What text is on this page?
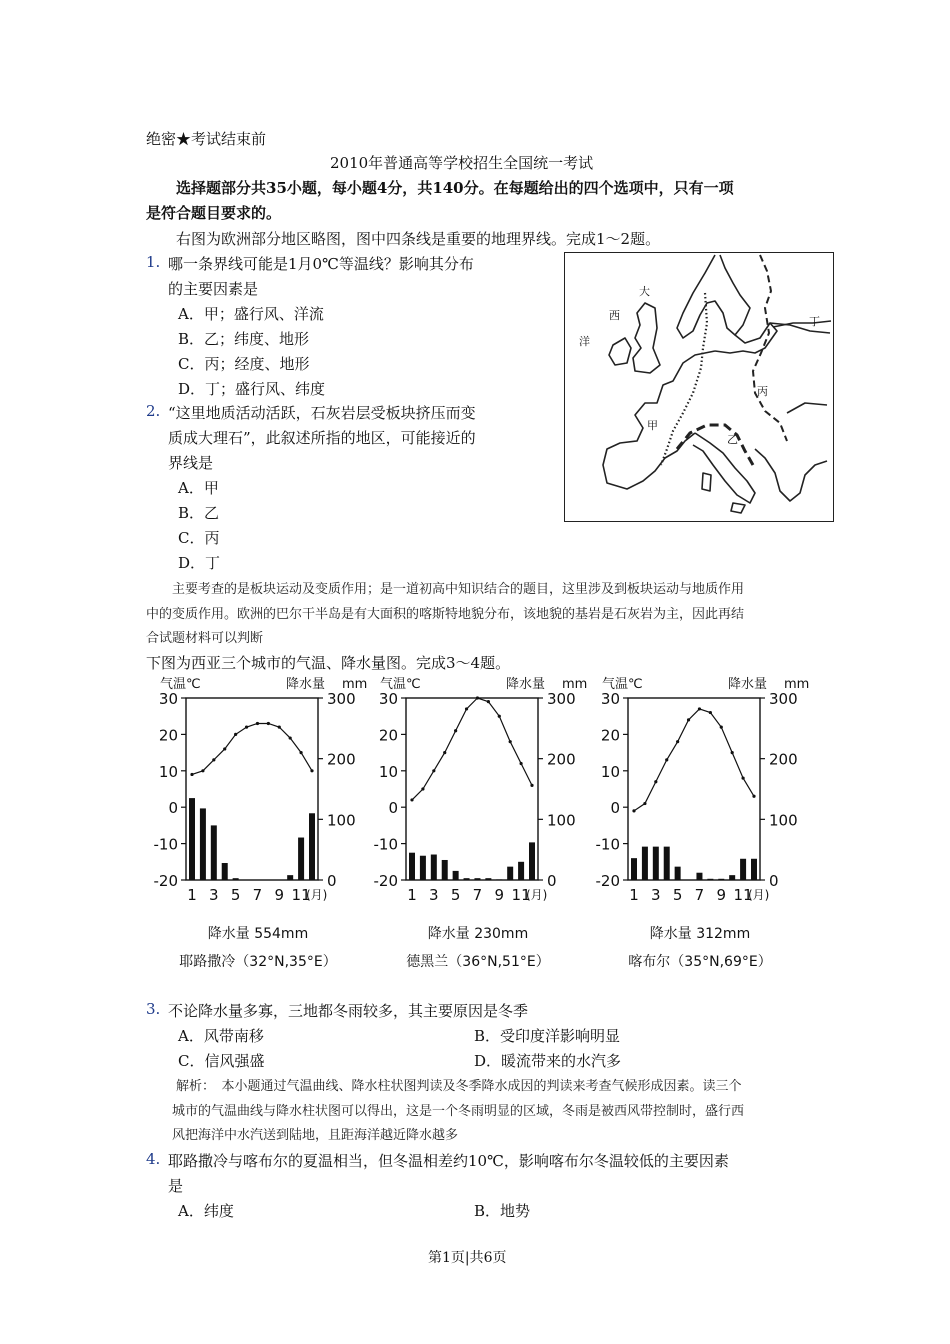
绝密★考试结束前
2010年普通高等学校招生全国统一考试
选择题部分共35小题，每小题4分，共140分。在每题给出的四个选项中，只有一项
是符合题目要求的。
右图为欧洲部分地区略图，图中四条线是重要的地理界线。完成1～2题。
1. 哪一条界线可能是1月0℃等温线？影响其分布
的主要因素是
A．甲；盛行风、洋流
B．乙；纬度、地形
C．丙；经度、地形
D．丁；盛行风、纬度
2. “这里地质活动活跃，石灰岩层受板块挤压而变
质成大理石”，此叙述所指的地区，可能接近的
界线是
A．甲
B．乙
C．丙
D．丁
大
西
洋
甲
乙
丙
丁
主要考查的是板块运动及变质作用；是一道初高中知识结合的题目，这里涉及到板块运动与地质作用
中的变质作用。欧洲的巴尔干半岛是有大面积的喀斯特地貌分布，该地貌的基岩是石灰岩为主，因此再结
合试题材料可以判断
下图为西亚三个城市的气温、降水量图。完成3～4题。
气温℃	降水量 mm
30
20
10
0
-10
-20
300
200
100
0
1 3 5 7 9 11
(月)
降水量 554mm
耶路撒冷（32°N,35°E）
气温℃	降水量 mm
30
20
10
0
-10
-20
300
200
100
0
1 3 5 7 9 11
(月)
降水量 230mm
德黑兰（36°N,51°E）
气温℃	降水量 mm
30
20
10
0
-10
-20
300
200
100
0
1 3 5 7 9 11
(月)
降水量 312mm
喀布尔（35°N,69°E）
3. 不论降水量多寡，三地都冬雨较多，其主要原因是冬季
A．风带南移	B．受印度洋影响明显
C．信风强盛	D．暖流带来的水汽多
解析：　本小题通过气温曲线、降水柱状图判读及冬季降水成因的判读来考查气候形成因素。读三个
城市的气温曲线与降水柱状图可以得出，这是一个冬雨明显的区域，冬雨是被西风带控制时，盛行西
风把海洋中水汽送到陆地，且距海洋越近降水越多
4. 耶路撒冷与喀布尔的夏温相当，但冬温相差约10℃，影响喀布尔冬温较低的主要因素
是
A．纬度	B．地势
第1页|共6页
